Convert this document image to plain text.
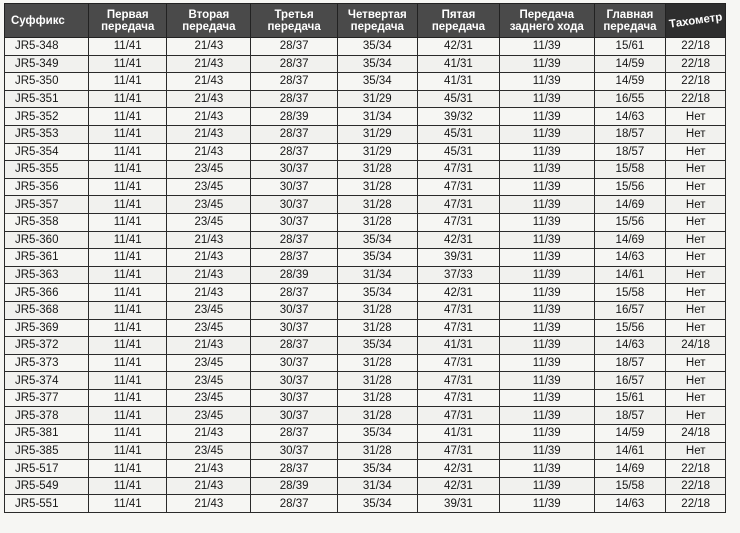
Суффикс	Первая передача	Вторая передача	Третья передача	Четвертая передача	Пятая передача	Передача заднего хода	Главная передача	Тахометр
JR5-348	11/41	21/43	28/37	35/34	42/31	11/39	15/61	22/18
JR5-349	11/41	21/43	28/37	35/34	41/31	11/39	14/59	22/18
JR5-350	11/41	21/43	28/37	35/34	41/31	11/39	14/59	22/18
JR5-351	11/41	21/43	28/37	31/29	45/31	11/39	16/55	22/18
JR5-352	11/41	21/43	28/39	31/34	39/32	11/39	14/63	Нет
JR5-353	11/41	21/43	28/37	31/29	45/31	11/39	18/57	Нет
JR5-354	11/41	21/43	28/37	31/29	45/31	11/39	18/57	Нет
JR5-355	11/41	23/45	30/37	31/28	47/31	11/39	15/58	Нет
JR5-356	11/41	23/45	30/37	31/28	47/31	11/39	15/56	Нет
JR5-357	11/41	23/45	30/37	31/28	47/31	11/39	14/69	Нет
JR5-358	11/41	23/45	30/37	31/28	47/31	11/39	15/56	Нет
JR5-360	11/41	21/43	28/37	35/34	42/31	11/39	14/69	Нет
JR5-361	11/41	21/43	28/37	35/34	39/31	11/39	14/63	Нет
JR5-363	11/41	21/43	28/39	31/34	37/33	11/39	14/61	Нет
JR5-366	11/41	21/43	28/37	35/34	42/31	11/39	15/58	Нет
JR5-368	11/41	23/45	30/37	31/28	47/31	11/39	16/57	Нет
JR5-369	11/41	23/45	30/37	31/28	47/31	11/39	15/56	Нет
JR5-372	11/41	21/43	28/37	35/34	41/31	11/39	14/63	24/18
JR5-373	11/41	23/45	30/37	31/28	47/31	11/39	18/57	Нет
JR5-374	11/41	23/45	30/37	31/28	47/31	11/39	16/57	Нет
JR5-377	11/41	23/45	30/37	31/28	47/31	11/39	15/61	Нет
JR5-378	11/41	23/45	30/37	31/28	47/31	11/39	18/57	Нет
JR5-381	11/41	21/43	28/37	35/34	41/31	11/39	14/59	24/18
JR5-385	11/41	23/45	30/37	31/28	47/31	11/39	14/61	Нет
JR5-517	11/41	21/43	28/37	35/34	42/31	11/39	14/69	22/18
JR5-549	11/41	21/43	28/39	31/34	42/31	11/39	15/58	22/18
JR5-551	11/41	21/43	28/37	35/34	39/31	11/39	14/63	22/18
